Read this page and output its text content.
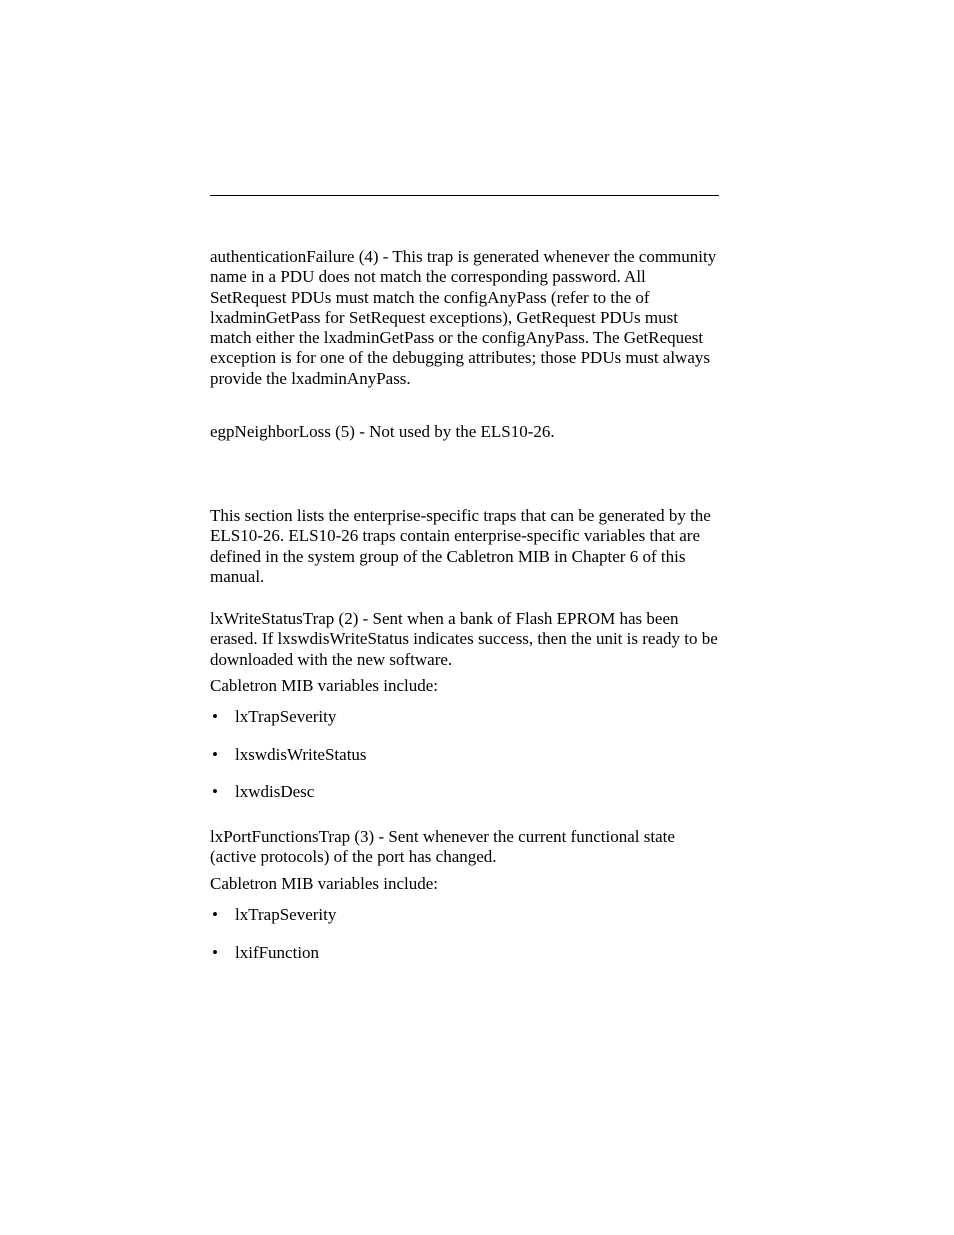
authenticationFailure (4) - This trap is generated whenever the community name in a PDU does not match the corresponding password. All SetRequest PDUs must match the configAnyPass (refer to the of lxadminGetPass for SetRequest exceptions), GetRequest PDUs must match either the lxadminGetPass or the configAnyPass. The GetRequest exception is for one of the debugging attributes; those PDUs must always provide the lxadminAnyPass.

egpNeighborLoss (5) - Not used by the ELS10-26.

This section lists the enterprise-specific traps that can be generated by the ELS10-26. ELS10-26 traps contain enterprise-specific variables that are defined in the system group of the Cabletron MIB in Chapter 6 of this manual.

lxWriteStatusTrap (2) - Sent when a bank of Flash EPROM has been erased. If lxswdisWriteStatus indicates success, then the unit is ready to be downloaded with the new software.

Cabletron MIB variables include:

• lxTrapSeverity

• lxswdisWriteStatus

• lxwdisDesc

lxPortFunctionsTrap (3) - Sent whenever the current functional state (active protocols) of the port has changed.

Cabletron MIB variables include:

• lxTrapSeverity

• lxifFunction
